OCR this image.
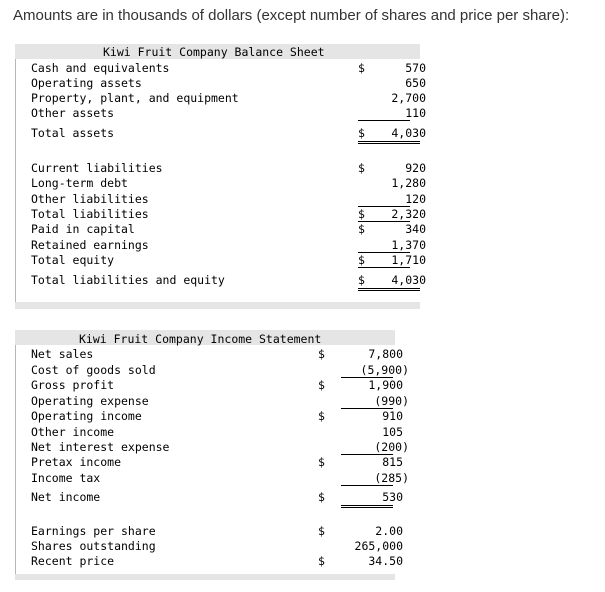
Amounts are in thousands of dollars (except number of shares and price per share):
Kiwi Fruit Company Balance Sheet
Cash and equivalents	$	570
Operating assets	650
Property, plant, and equipment	2,700
Other assets	110
Total assets	$	4,030
Current liabilities	$	920
Long-term debt	1,280
Other liabilities	120
Total liabilities	$	2,320
Paid in capital	$	340
Retained earnings	1,370
Total equity	$	1,710
Total liabilities and equity	$	4,030
Kiwi Fruit Company Income Statement
Net sales	$	7,800
Cost of goods sold	(5,900)
Gross profit	$	1,900
Operating expense	(990)
Operating income	$	910
Other income	105
Net interest expense	(200)
Pretax income	$	815
Income tax	(285)
Net income	$	530
Earnings per share	$	2.00
Shares outstanding	265,000
Recent price	$	34.50
